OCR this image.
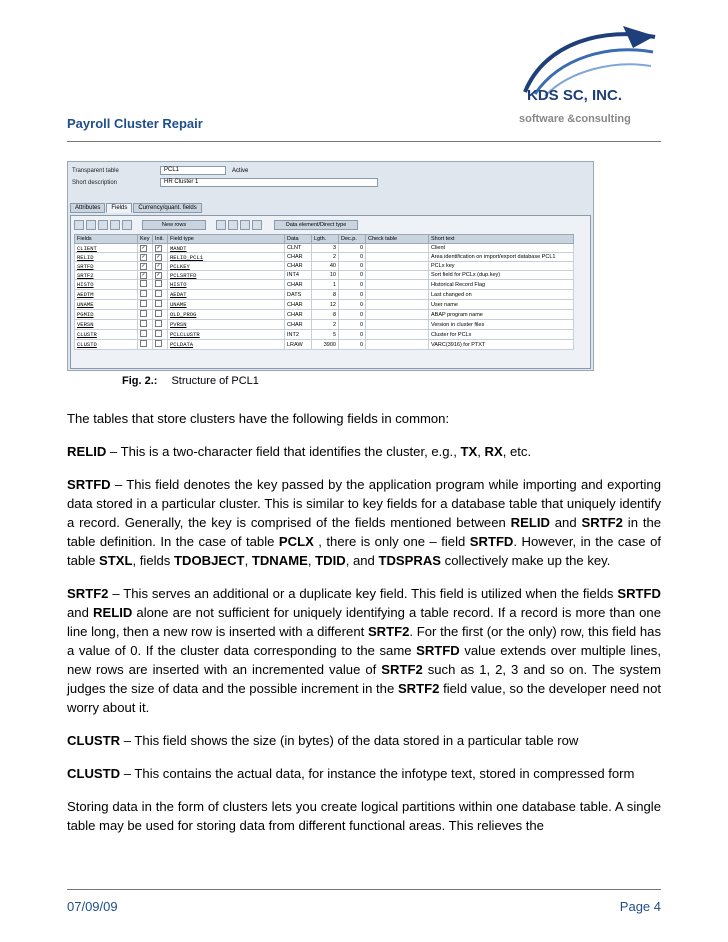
Payroll Cluster Repair
KDS SC, INC.
software &consulting
Transparent table	PCL1	Active
Short description	HR Cluster 1
Attributes	Fields	Currency/quant. fields
New rows	Data element/Direct type
Fields	Key	Init.	Field type	Data	Lgth.	Dec.p.	Check table	Short text
CLIENT	✓	✓	MANDT	CLNT	3	0		Client
RELID	✓	✓	RELID_PCL1	CHAR	2	0		Area identification on import/export database PCL1
SRTFD	✓	✓	PCLKEY	CHAR	40	0		PCLx key
SRTF2	✓	✓	PCLSRTFD	INT4	10	0		Sort field for PCLx (dup.key)
HISTO			HISTO	CHAR	1	0		Historical Record Flag
AEDTM			AEDAT	DATS	8	0		Last changed on
UNAME			UNAME	CHAR	12	0		User name
PGMID			OLD_PROG	CHAR	8	0		ABAP program name
VERSN			PVRSN	CHAR	2	0		Version in cluster files
CLUSTR			PCLCLUSTR	INT2	5	0		Cluster for PCLx
CLUSTD			PCLDATA	LRAW	3900	0		VARC(3916) for PTXT
Fig. 2.: Structure of PCL1

The tables that store clusters have the following fields in common:

RELID – This is a two-character field that identifies the cluster, e.g., TX, RX, etc.

SRTFD – This field denotes the key passed by the application program while importing and exporting data stored in a particular cluster. This is similar to key fields for a database table that uniquely identify a record. Generally, the key is comprised of the fields mentioned between RELID and SRTF2 in the table definition. In the case of table PCLX , there is only one – field SRTFD. However, in the case of table STXL, fields TDOBJECT, TDNAME, TDID, and TDSPRAS collectively make up the key.

SRTF2 – This serves an additional or a duplicate key field. This field is utilized when the fields SRTFD and RELID alone are not sufficient for uniquely identifying a table record. If a record is more than one line long, then a new row is inserted with a different SRTF2. For the first (or the only) row, this field has a value of 0. If the cluster data corresponding to the same SRTFD value extends over multiple lines, new rows are inserted with an incremented value of SRTF2 such as 1, 2, 3 and so on. The system judges the size of data and the possible increment in the SRTF2 field value, so the developer need not worry about it.

CLUSTR – This field shows the size (in bytes) of the data stored in a particular table row

CLUSTD – This contains the actual data, for instance the infotype text, stored in compressed form

Storing data in the form of clusters lets you create logical partitions within one database table. A single table may be used for storing data from different functional areas. This relieves the

07/09/09	Page 4
